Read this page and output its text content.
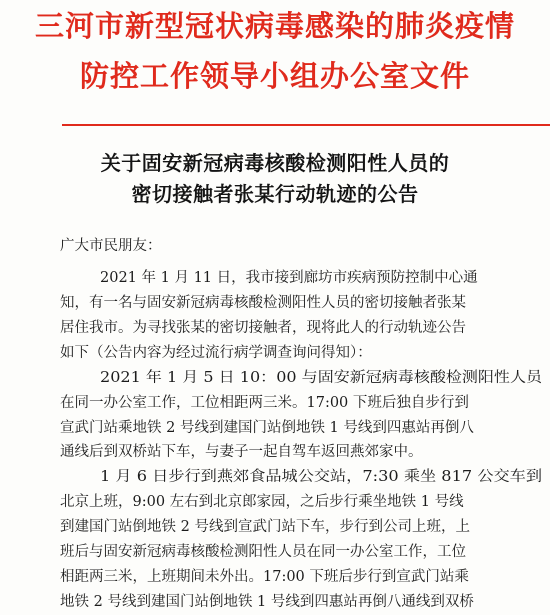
三河市新型冠状病毒感染的肺炎疫情
防控工作领导小组办公室文件
关于固安新冠病毒核酸检测阳性人员的
密切接触者张某行动轨迹的公告
广大市民朋友：
2021 年 1 月 11 日，我市接到廊坊市疾病预防控制中心通
知，有一名与固安新冠病毒核酸检测阳性人员的密切接触者张某
居住我市。为寻找张某的密切接触者，现将此人的行动轨迹公告
如下（公告内容为经过流行病学调查询问得知）：
2021 年 1 月 5 日 10：00 与固安新冠病毒核酸检测阳性人员
在同一办公室工作，工位相距两三米。17:00 下班后独自步行到
宣武门站乘地铁 2 号线到建国门站倒地铁 1 号线到四惠站再倒八
通线后到双桥站下车，与妻子一起自驾车返回燕郊家中。
1 月 6 日步行到燕郊食品城公交站，7:30 乘坐 817 公交车到
北京上班，9:00 左右到北京郎家园，之后步行乘坐地铁 1 号线
到建国门站倒地铁 2 号线到宣武门站下车，步行到公司上班，上
班后与固安新冠病毒核酸检测阳性人员在同一办公室工作，工位
相距两三米，上班期间未外出。17:00 下班后步行到宣武门站乘
地铁 2 号线到建国门站倒地铁 1 号线到四惠站再倒八通线到双桥
